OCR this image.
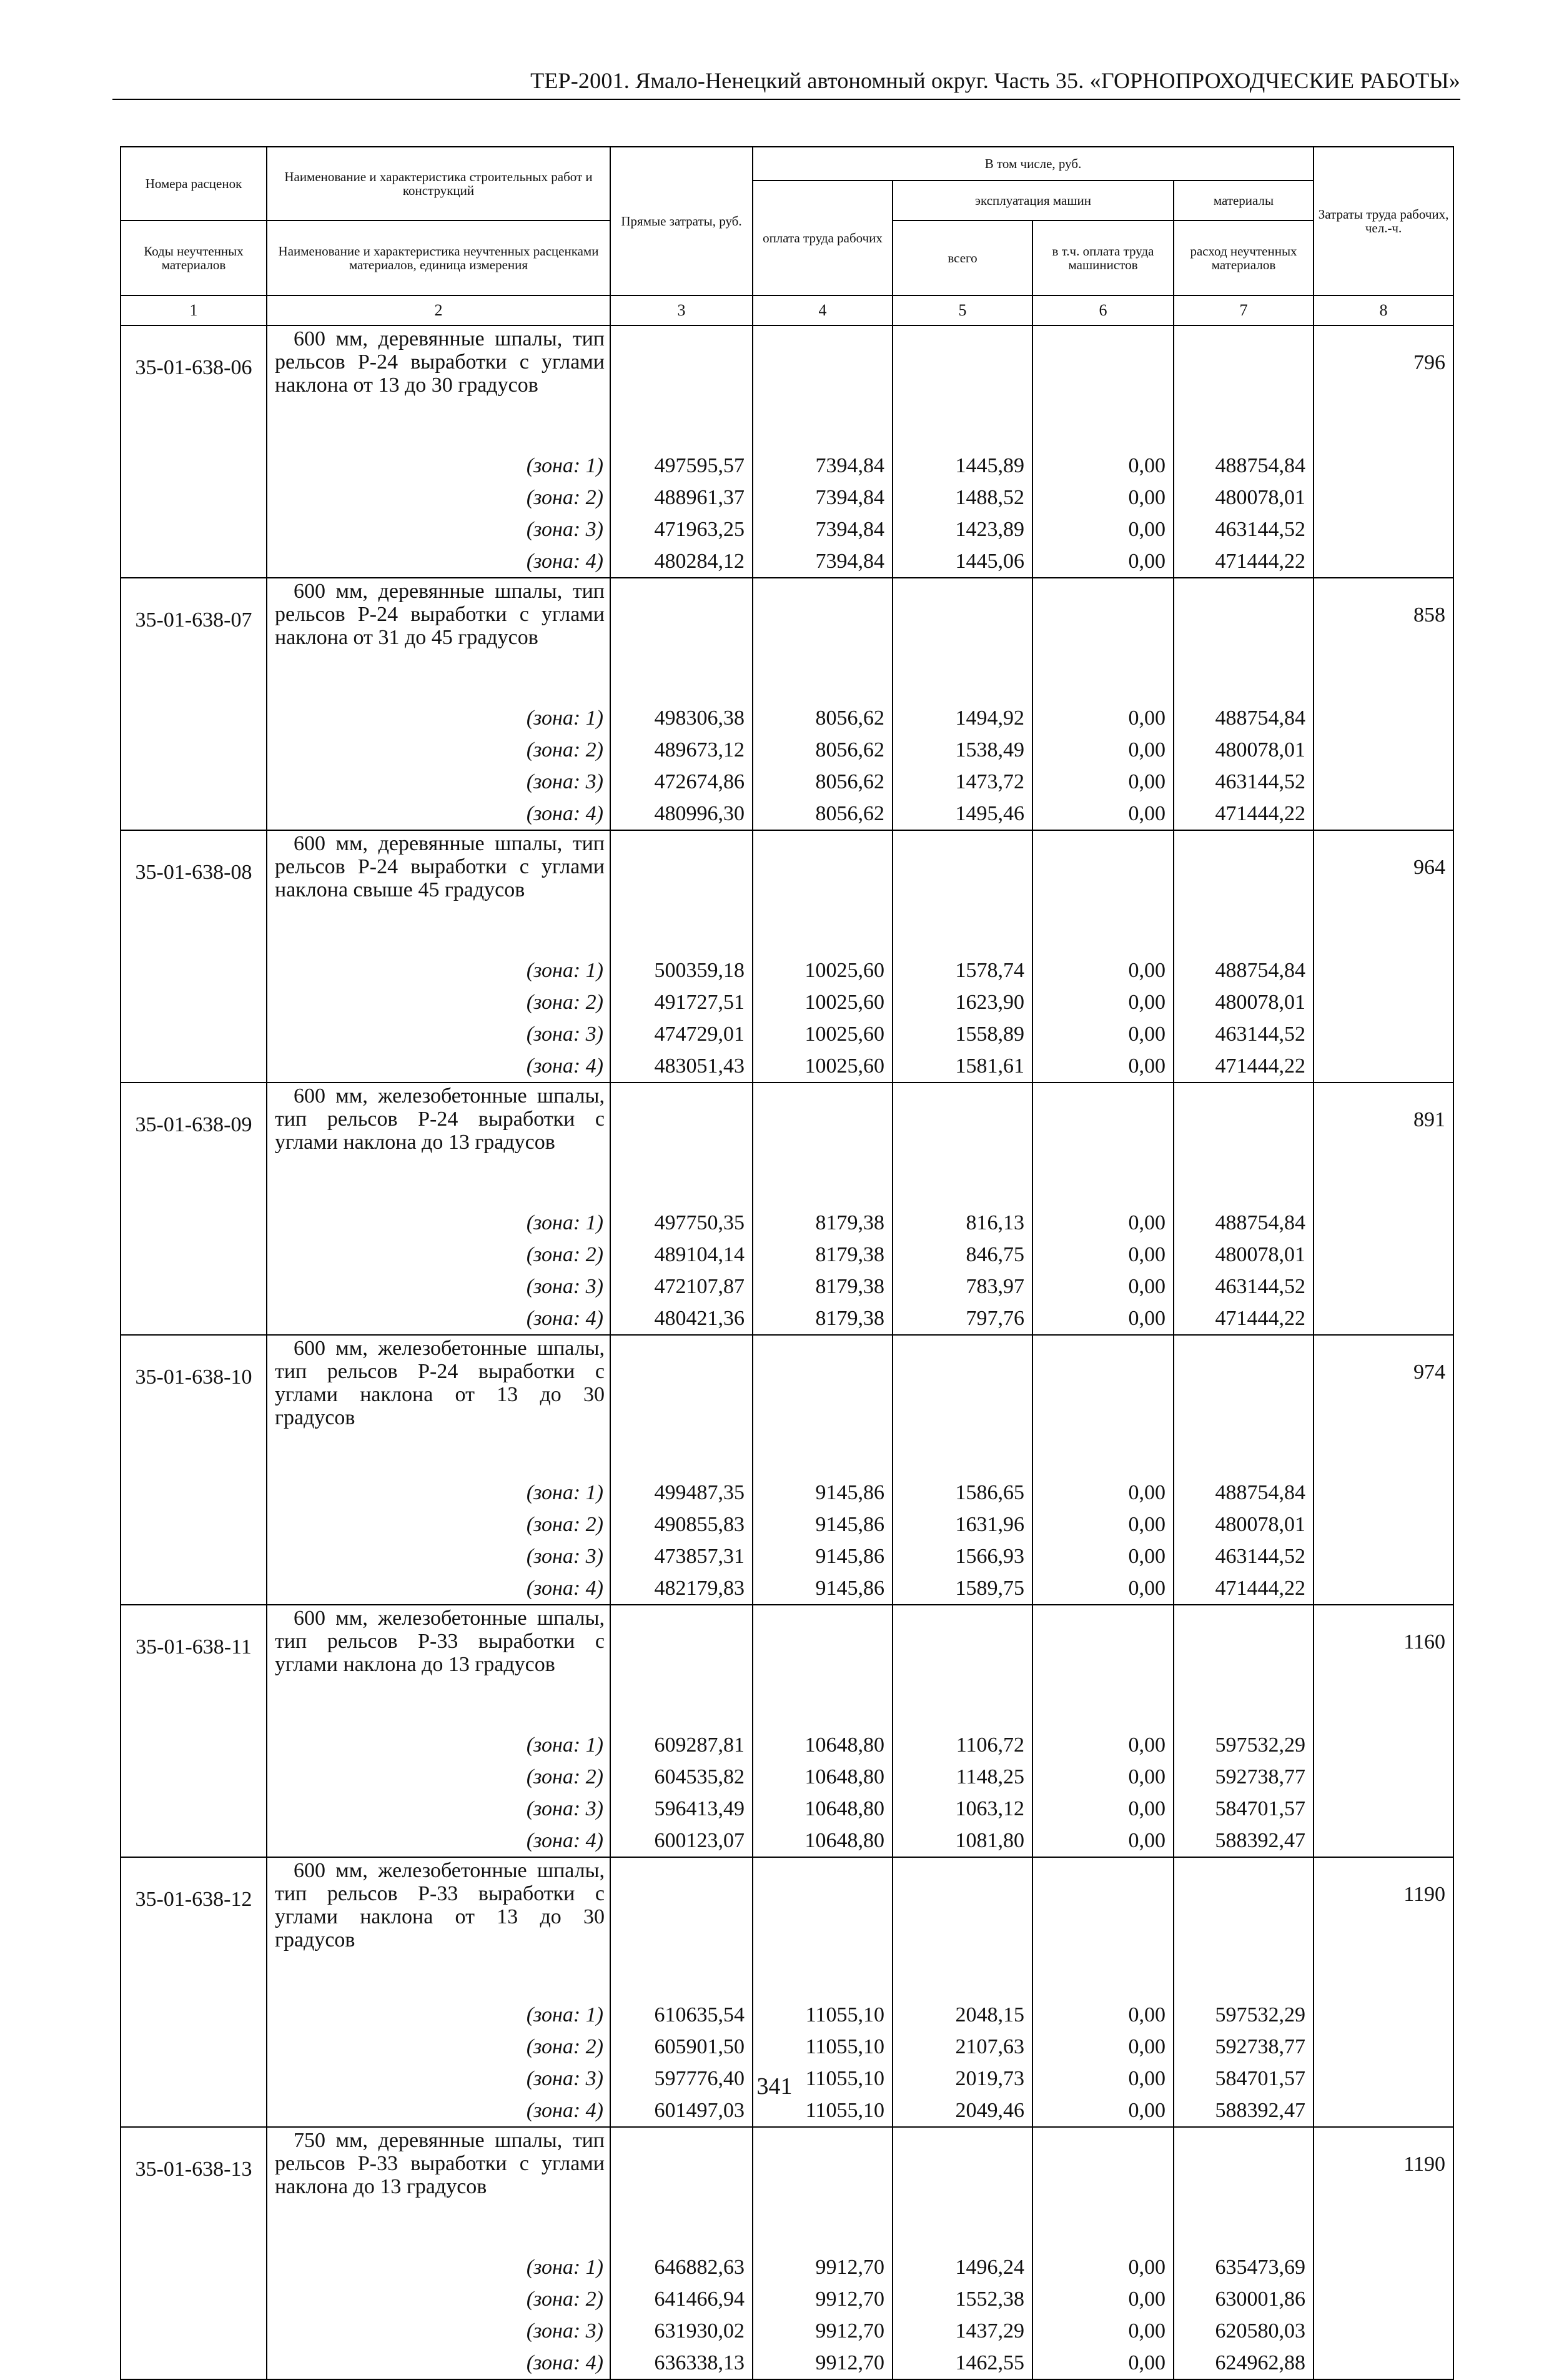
ТЕР-2001. Ямало-Ненецкий автономный округ. Часть 35. «ГОРНОПРОХОДЧЕСКИЕ РАБОТЫ»
Номера расценок	Наименование и характеристика строительных работ и конструкций	Прямые затраты, руб.	В том числе, руб.				Затраты труда рабочих, чел.-ч.
			оплата труда рабочих	эксплуатация машин		материалы	
Коды неучтенных материалов	Наименование и характеристика неучтенных расценками материалов, единица измерения			всего	в т.ч. оплата труда машинистов	расход неучтенных материалов	
1	2	3	4	5	6	7	8
35-01-638-06	600 мм, деревянные шпалы, тип рельсов Р-24 выработки с углами наклона от 13 до 30 градусов						796
	(зона: 1)	497595,57	7394,84	1445,89	0,00	488754,84	
	(зона: 2)	488961,37	7394,84	1488,52	0,00	480078,01	
	(зона: 3)	471963,25	7394,84	1423,89	0,00	463144,52	
	(зона: 4)	480284,12	7394,84	1445,06	0,00	471444,22	
35-01-638-07	600 мм, деревянные шпалы, тип рельсов Р-24 выработки с углами наклона от 31 до 45 градусов						858
	(зона: 1)	498306,38	8056,62	1494,92	0,00	488754,84	
	(зона: 2)	489673,12	8056,62	1538,49	0,00	480078,01	
	(зона: 3)	472674,86	8056,62	1473,72	0,00	463144,52	
	(зона: 4)	480996,30	8056,62	1495,46	0,00	471444,22	
35-01-638-08	600 мм, деревянные шпалы, тип рельсов Р-24 выработки с углами наклона свыше 45 градусов						964
	(зона: 1)	500359,18	10025,60	1578,74	0,00	488754,84	
	(зона: 2)	491727,51	10025,60	1623,90	0,00	480078,01	
	(зона: 3)	474729,01	10025,60	1558,89	0,00	463144,52	
	(зона: 4)	483051,43	10025,60	1581,61	0,00	471444,22	
35-01-638-09	600 мм, железобетонные шпалы, тип рельсов Р-24 выработки с углами наклона до 13 градусов						891
	(зона: 1)	497750,35	8179,38	816,13	0,00	488754,84	
	(зона: 2)	489104,14	8179,38	846,75	0,00	480078,01	
	(зона: 3)	472107,87	8179,38	783,97	0,00	463144,52	
	(зона: 4)	480421,36	8179,38	797,76	0,00	471444,22	
35-01-638-10	600 мм, железобетонные шпалы, тип рельсов Р-24 выработки с углами наклона от 13 до 30 градусов						974
	(зона: 1)	499487,35	9145,86	1586,65	0,00	488754,84	
	(зона: 2)	490855,83	9145,86	1631,96	0,00	480078,01	
	(зона: 3)	473857,31	9145,86	1566,93	0,00	463144,52	
	(зона: 4)	482179,83	9145,86	1589,75	0,00	471444,22	
35-01-638-11	600 мм, железобетонные шпалы, тип рельсов Р-33 выработки с углами наклона до 13 градусов						1160
	(зона: 1)	609287,81	10648,80	1106,72	0,00	597532,29	
	(зона: 2)	604535,82	10648,80	1148,25	0,00	592738,77	
	(зона: 3)	596413,49	10648,80	1063,12	0,00	584701,57	
	(зона: 4)	600123,07	10648,80	1081,80	0,00	588392,47	
35-01-638-12	600 мм, железобетонные шпалы, тип рельсов Р-33 выработки с углами наклона от 13 до 30 градусов						1190
	(зона: 1)	610635,54	11055,10	2048,15	0,00	597532,29	
	(зона: 2)	605901,50	11055,10	2107,63	0,00	592738,77	
	(зона: 3)	597776,40	11055,10	2019,73	0,00	584701,57	
	(зона: 4)	601497,03	11055,10	2049,46	0,00	588392,47	
35-01-638-13	750 мм, деревянные шпалы, тип рельсов Р-33 выработки с углами наклона до 13 градусов						1190
	(зона: 1)	646882,63	9912,70	1496,24	0,00	635473,69	
	(зона: 2)	641466,94	9912,70	1552,38	0,00	630001,86	
	(зона: 3)	631930,02	9912,70	1437,29	0,00	620580,03	
	(зона: 4)	636338,13	9912,70	1462,55	0,00	624962,88	
341
